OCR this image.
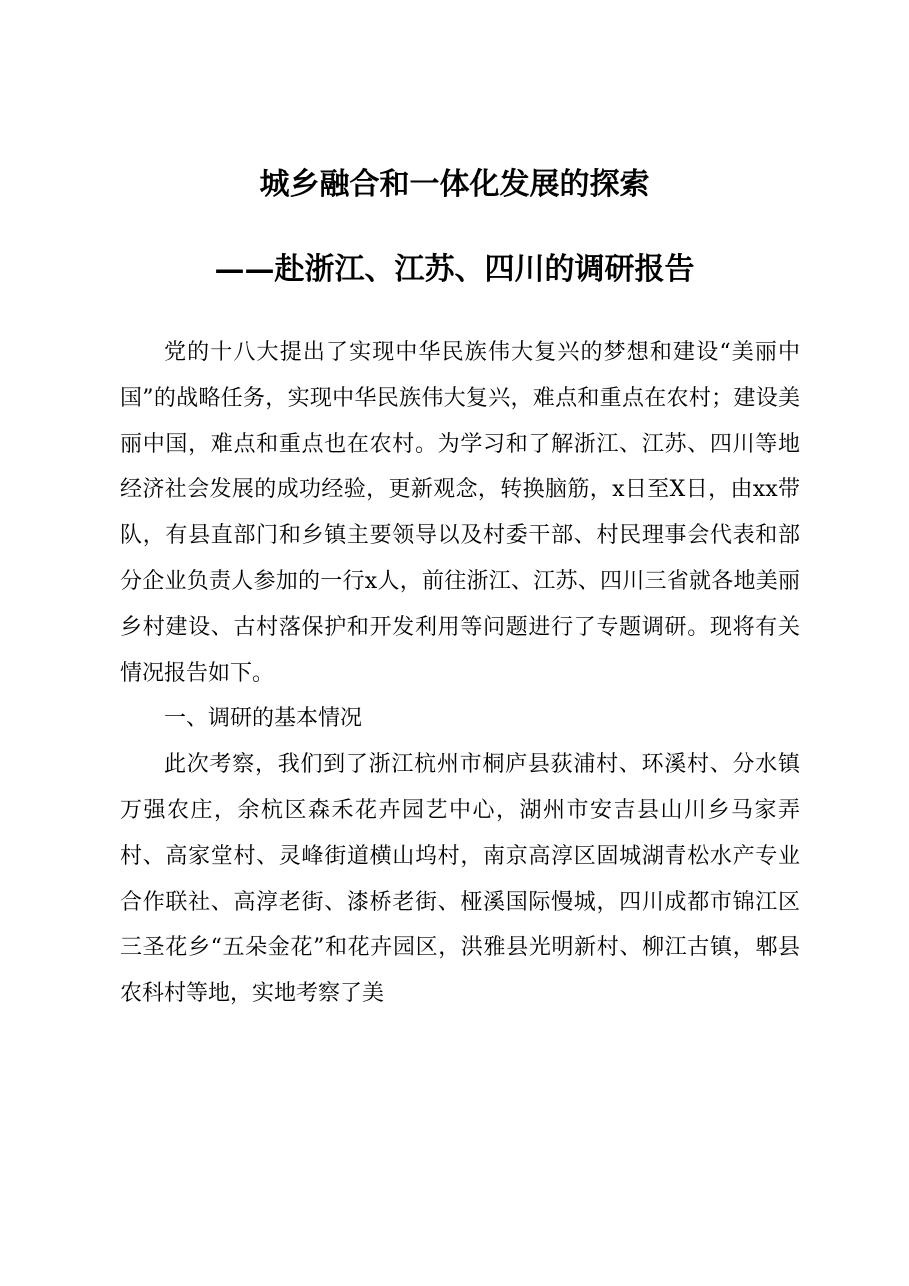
城乡融合和一体化发展的探索
——赴浙江、江苏、四川的调研报告

党的十八大提出了实现中华民族伟大复兴的梦想和建设“美丽中国”的战略任务，实现中华民族伟大复兴，难点和重点在农村；建设美丽中国，难点和重点也在农村。为学习和了解浙江、江苏、四川等地经济社会发展的成功经验，更新观念，转换脑筋，x日至X日，由xx带队，有县直部门和乡镇主要领导以及村委干部、村民理事会代表和部分企业负责人参加的一行x人，前往浙江、江苏、四川三省就各地美丽乡村建设、古村落保护和开发利用等问题进行了专题调研。现将有关情况报告如下。

一、调研的基本情况

此次考察，我们到了浙江杭州市桐庐县荻浦村、环溪村、分水镇万强农庄，余杭区森禾花卉园艺中心，湖州市安吉县山川乡马家弄村、高家堂村、灵峰街道横山坞村，南京高淳区固城湖青松水产专业合作联社、高淳老街、漆桥老街、桠溪国际慢城，四川成都市锦江区三圣花乡“五朵金花”和花卉园区，洪雅县光明新村、柳江古镇，郫县农科村等地，实地考察了美
